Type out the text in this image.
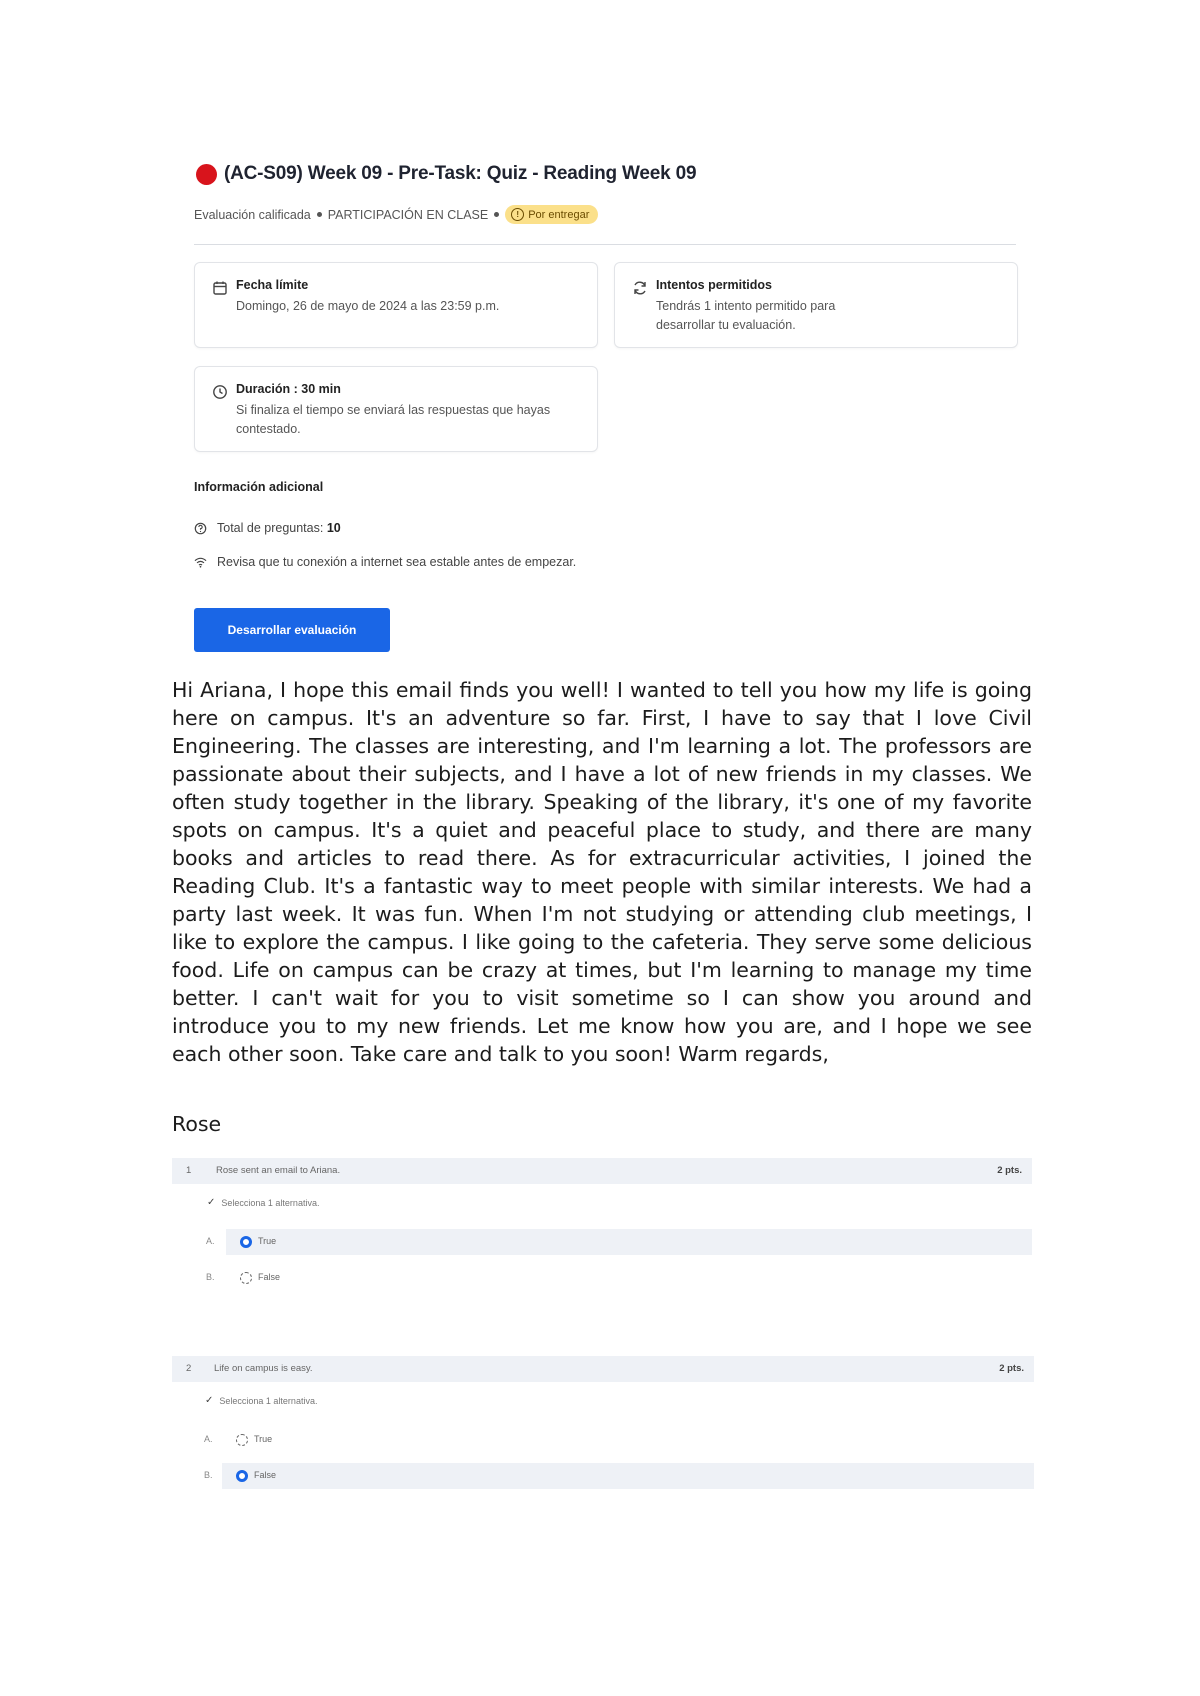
(AC-S09) Week 09 - Pre-Task: Quiz - Reading Week 09
Evaluación calificada PARTICIPACIÓN EN CLASE	! Por entregar
Fecha límite
Domingo, 26 de mayo de 2024 a las 23:59 p.m.
Intentos permitidos
Tendrás 1 intento permitido para desarrollar tu evaluación.
Duración : 30 min
Si finaliza el tiempo se enviará las respuestas que hayas contestado.
Información adicional
Total de preguntas: 10
Revisa que tu conexión a internet sea estable antes de empezar.
Desarrollar evaluación
Hi Ariana, I hope this email finds you well! I wanted to tell you how my life is going here on campus. It's an adventure so far. First, I have to say that I love Civil Engineering. The classes are interesting, and I'm learning a lot. The professors are passionate about their subjects, and I have a lot of new friends in my classes. We often study together in the library. Speaking of the library, it's one of my favorite spots on campus. It's a quiet and peaceful place to study, and there are many books and articles to read there. As for extracurricular activities, I joined the Reading Club. It's a fantastic way to meet people with similar interests. We had a party last week. It was fun. When I'm not studying or attending club meetings, I like to explore the campus. I like going to the cafeteria. They serve some delicious food. Life on campus can be crazy at times, but I'm learning to manage my time better. I can't wait for you to visit sometime so I can show you around and introduce you to my new friends. Let me know how you are, and I hope we see each other soon. Take care and talk to you soon! Warm regards,
Rose
1	Rose sent an email to Ariana.	2 pts.
✓ Selecciona 1 alternativa.
A.	True
B.	False
2 Life on campus is easy.	2 pts.
✓ Selecciona 1 alternativa.
A.	True
B.	False
